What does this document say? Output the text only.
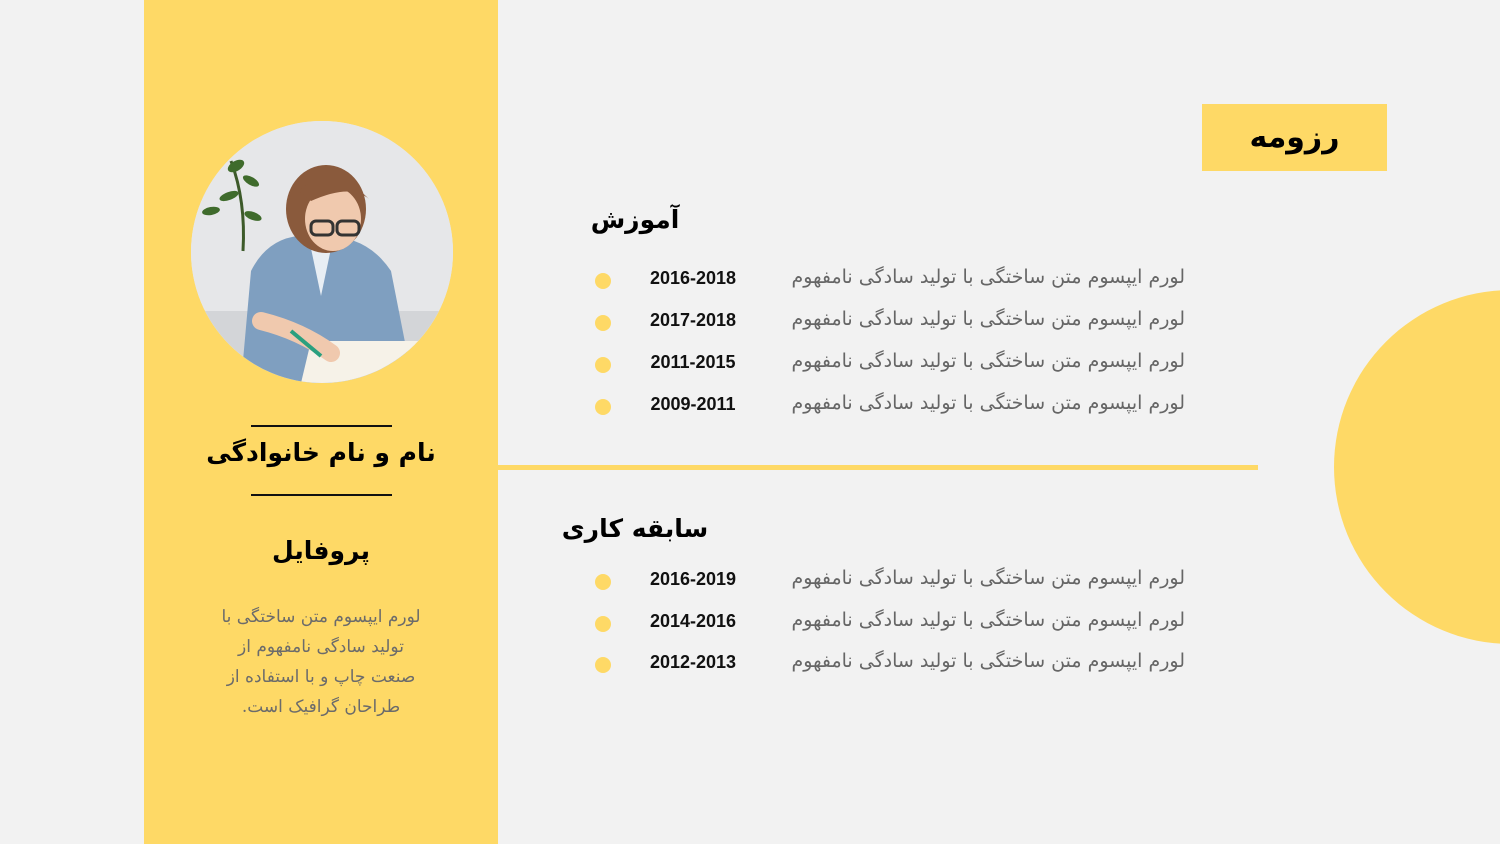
نام و نام خانوادگی
پروفایل
لورم ایپسوم متن ساختگی با تولید سادگی نامفهوم از صنعت چاپ و با استفاده از طراحان گرافیک است.
رزومه
آموزش
2016-2018	لورم ایپسوم متن ساختگی با تولید سادگی نامفهوم
2017-2018	لورم ایپسوم متن ساختگی با تولید سادگی نامفهوم
2011-2015	لورم ایپسوم متن ساختگی با تولید سادگی نامفهوم
2009-2011	لورم ایپسوم متن ساختگی با تولید سادگی نامفهوم
سابقه کاری
2016-2019	لورم ایپسوم متن ساختگی با تولید سادگی نامفهوم
2014-2016	لورم ایپسوم متن ساختگی با تولید سادگی نامفهوم
2012-2013	لورم ایپسوم متن ساختگی با تولید سادگی نامفهوم
